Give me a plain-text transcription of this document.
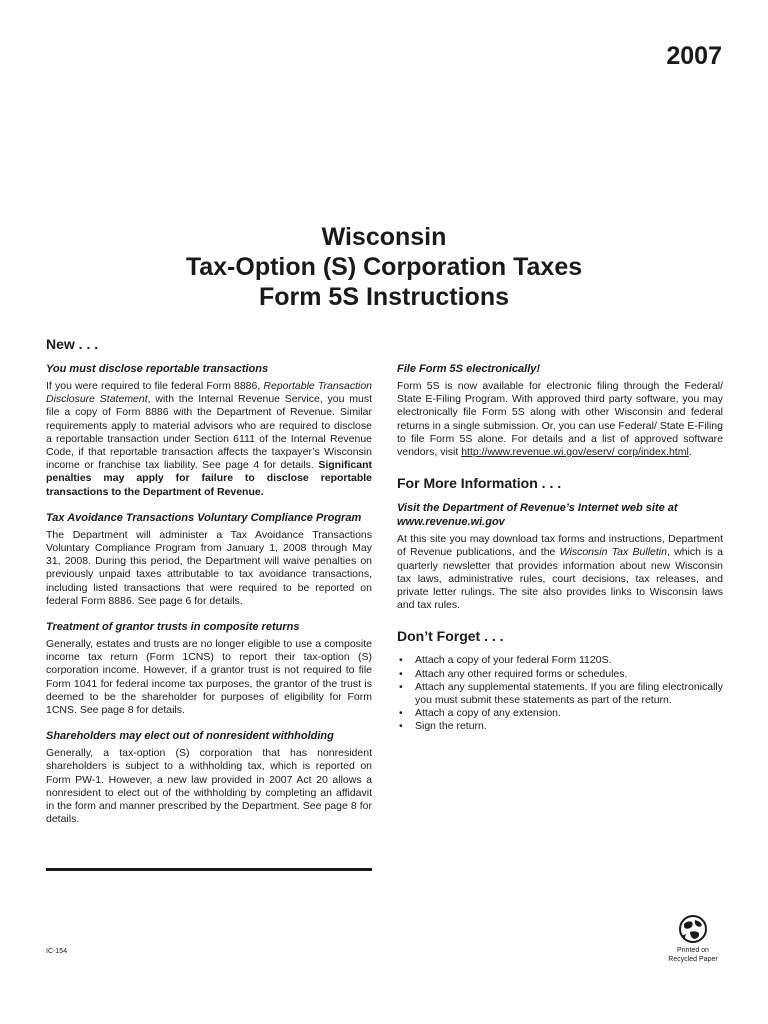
2007
Wisconsin
Tax-Option (S) Corporation Taxes
Form 5S Instructions
New . . .
You must disclose reportable transactions

If you were required to file federal Form 8886, Reportable Transaction Disclosure Statement, with the Internal Revenue Service, you must file a copy of Form 8886 with the Department of Revenue. Similar requirements apply to material advisors who are required to disclose a reportable transaction under Section 6111 of the Internal Revenue Code, if that reportable transaction affects the taxpayer’s Wisconsin income or franchise tax liability. See page 4 for details. Significant penalties may apply for failure to disclose reportable transactions to the Department of Revenue.

Tax Avoidance Transactions Voluntary Compliance Program

The Department will administer a Tax Avoidance Transactions Voluntary Compliance Program from January 1, 2008 through May 31, 2008. During this period, the Department will waive penalties on previously unpaid taxes attributable to tax avoidance transactions, including listed transactions that were required to be reported on federal Form 8886. See page 6 for details.

Treatment of grantor trusts in composite returns

Generally, estates and trusts are no longer eligible to use a composite income tax return (Form 1CNS) to report their tax-option (S) corporation income. However, if a grantor trust is not required to file Form 1041 for federal income tax purposes, the grantor of the trust is deemed to be the shareholder for purposes of eligibility for Form 1CNS. See page 8 for details.

Shareholders may elect out of nonresident withholding

Generally, a tax-option (S) corporation that has nonresident shareholders is subject to a withholding tax, which is reported on Form PW-1. However, a new law provided in 2007 Act 20 allows a nonresident to elect out of the withholding by completing an affidavit in the form and manner prescribed by the Department. See page 8 for details.

File Form 5S electronically!

Form 5S is now available for electronic filing through the Federal/ State E-Filing Program. With approved third party software, you may electronically file Form 5S along with other Wisconsin and federal returns in a single submission. Or, you can use Federal/ State E-Filing to file Form 5S alone. For details and a list of approved software vendors, visit http://www.revenue.wi.gov/eserv/ corp/index.html.

For More Information . . .
Visit the Department of Revenue’s Internet web site at www.revenue.wi.gov

At this site you may download tax forms and instructions, Department of Revenue publications, and the Wisconsin Tax Bulletin, which is a quarterly newsletter that provides information about new Wisconsin tax laws, administrative rules, court decisions, tax releases, and private letter rulings. The site also provides links to Wisconsin laws and tax rules.

Don’t Forget . . .
• Attach a copy of your federal Form 1120S.
• Attach any other required forms or schedules.
• Attach any supplemental statements. If you are filing electronically you must submit these statements as part of the return.
• Attach a copy of any extension.
• Sign the return.
IC-154	Printed on
Recycled Paper
